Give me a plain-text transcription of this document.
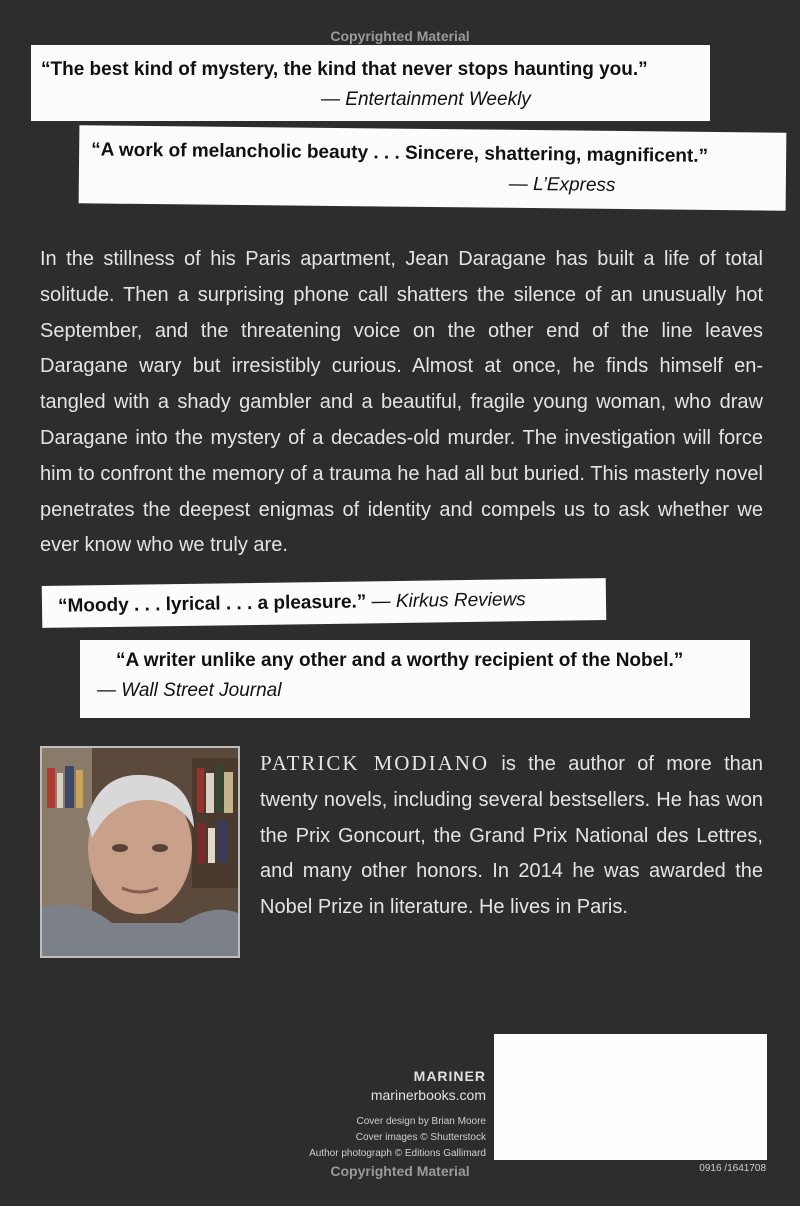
Copyrighted Material
“The best kind of mystery, the kind that never stops haunting you.”
— Entertainment Weekly
“A work of melancholic beauty . . . Sincere, shattering, magnificent.”
— L’Express
In the stillness of his Paris apartment, Jean Daragane has built a life of total solitude. Then a surprising phone call shatters the silence of an unusually hot September, and the threatening voice on the other end of the line leaves Daragane wary but irresistibly curious. Almost at once, he finds himself en-tangled with a shady gambler and a beautiful, fragile young woman, who draw Daragane into the mystery of a decades-old murder. The investigation will force him to confront the memory of a trauma he had all but buried. This masterly novel penetrates the deepest enigmas of identity and compels us to ask whether we ever know who we truly are.
“Moody . . . lyrical . . . a pleasure.” — Kirkus Reviews
“A writer unlike any other and a worthy recipient of the Nobel.”
— Wall Street Journal
PATRICK MODIANO is the author of more than twenty novels, including several bestsellers. He has won the Prix Goncourt, the Grand Prix National des Lettres, and many other honors. In 2014 he was awarded the Nobel Prize in literature. He lives in Paris.
MARINER
marinerbooks.com
Cover design by Brian Moore
Cover images © Shutterstock
Author photograph © Editions Gallimard
0916 /1641708
Copyrighted Material
